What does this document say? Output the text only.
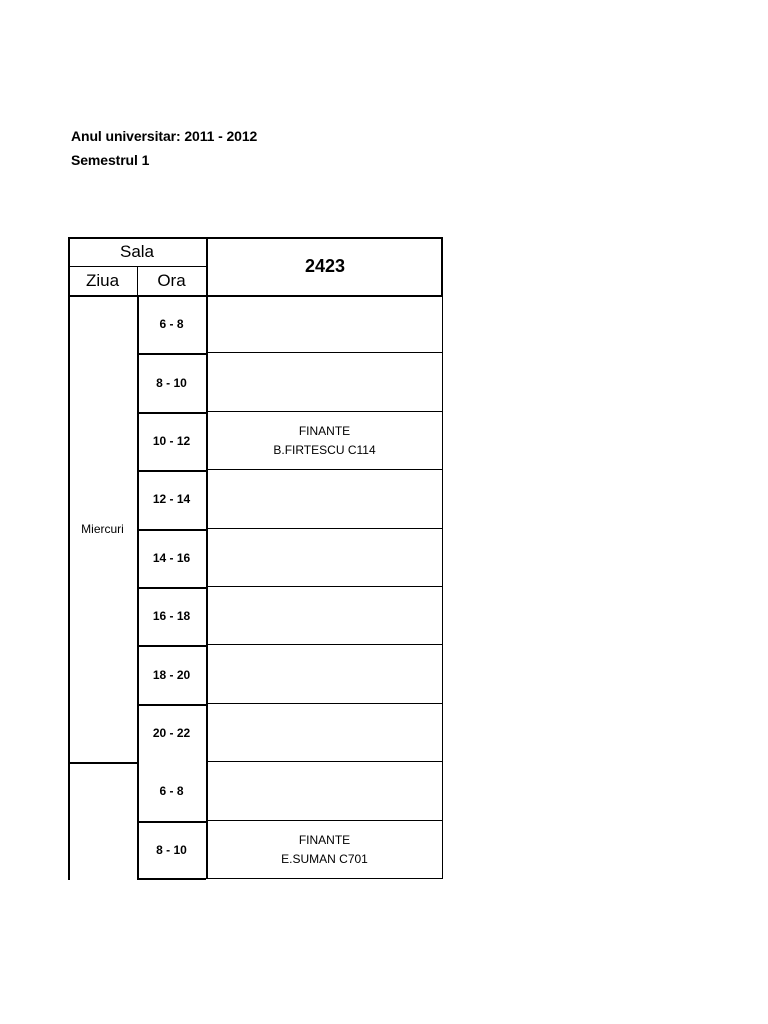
Anul universitar: 2011 - 2012
Semestrul 1
Sala
Ziua	Ora
2423
Miercuri
6 - 8
8 - 10
10 - 12
FINANTE
B.FIRTESCU C114
12 - 14
14 - 16
16 - 18
18 - 20
20 - 22
6 - 8
8 - 10
FINANTE
E.SUMAN C701
